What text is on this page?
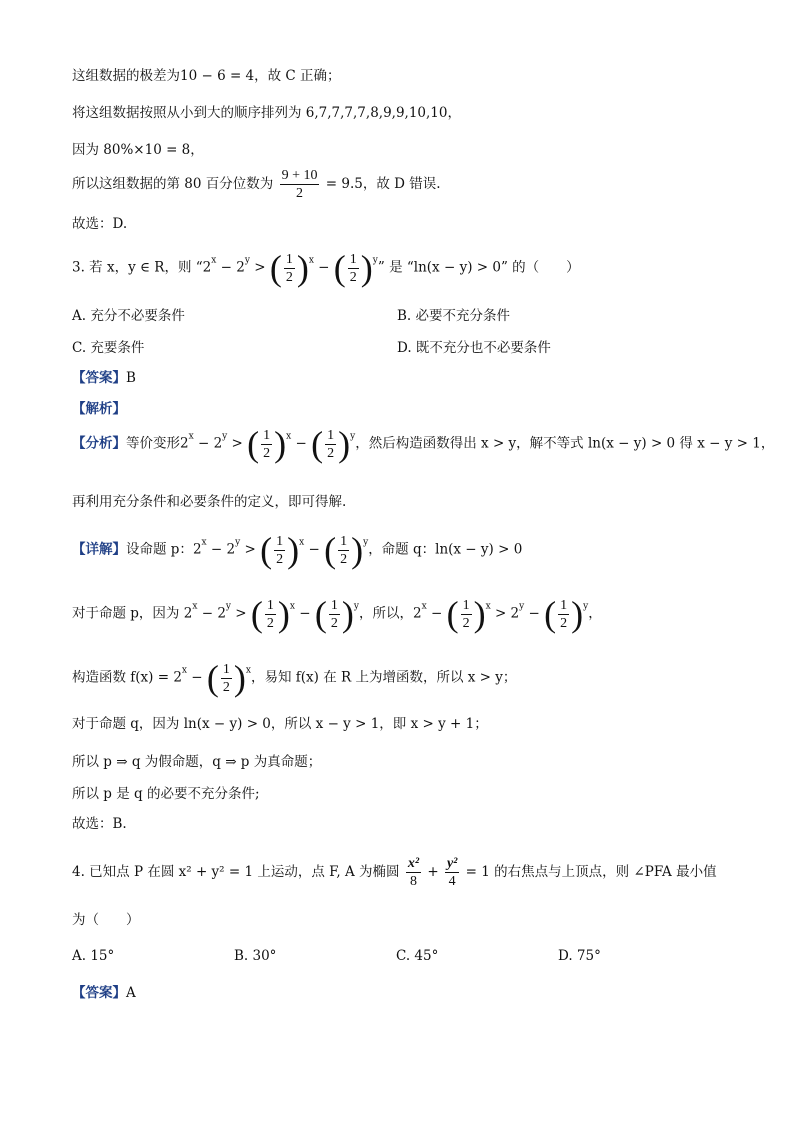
这组数据的极差为10 − 6 = 4，故 C 正确；
将这组数据按照从小到大的顺序排列为 6,7,7,7,7,8,9,9,10,10，
因为 80%×10 = 8，
所以这组数据的第 80 百分位数为 $\frac{9 + 10}{2} = 9.5$，故 D 错误.
故选：D.
3. 若 x，y ∈ R，则 “$2^x - 2^y$ > ( $\frac{1}{2}$ ) $^x$ − ( $\frac{1}{2}$ ) $^y$” 是 “ln(x − y) > 0” 的（　　）
A. 充分不必要条件	B. 必要不充分条件
C. 充要条件	D. 既不充分也不必要条件
【答案】B
【解析】
【分析】等价变形$2^x - 2^y$ > ( $\frac{1}{2}$ ) $^x$ − ( $\frac{1}{2}$ ) $^y$，然后构造函数得出 x > y，解不等式 ln(x − y) > 0 得 x − y > 1，
再利用充分条件和必要条件的定义，即可得解.
【详解】设命题 p：$2^x - 2^y$ > ( $\frac{1}{2}$ ) $^x$ − ( $\frac{1}{2}$ ) $^y$，命题 q：ln(x − y) > 0
对于命题 p，因为 $2^x - 2^y$ > ( $\frac{1}{2}$ ) $^x$ − ( $\frac{1}{2}$ ) $^y$，所以，$2^x$ − ( $\frac{1}{2}$ ) $^x > 2^y$ − ( $\frac{1}{2}$ ) $^y$，
构造函数 $f(x) = 2^x$ − ( $\frac{1}{2}$ ) $^x$，易知 f(x) 在 R 上为增函数，所以 x > y；
对于命题 q，因为 ln(x − y) > 0，所以 x − y > 1，即 x > y + 1；
所以 p ⇒ q 为假命题，q ⇒ p 为真命题；
所以 p 是 q 的必要不充分条件;
故选：B.
4. 已知点 P 在圆 x² + y² = 1 上运动，点 F, A 为椭圆 $\frac{\text{x²}}{8} + \frac{\text{y²}}{4} = 1$ 的右焦点与上顶点，则 ∠PFA 最小值
为（　　）
A. 15°	B. 30°	C. 45°	D. 75°
【答案】A
